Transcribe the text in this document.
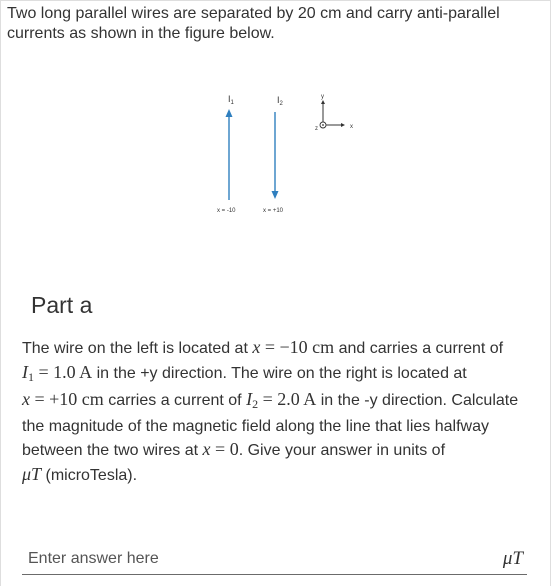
Two long parallel wires are separated by 20 cm and carry anti-parallel
currents as shown in the figure below.
$I_1$	$I_2$
x = -10	x = +10
y
x
z
Part a
The wire on the left is located at x = −10 cm and carries a current of
$I_1 = 1.0$ A in the +y direction. The wire on the right is located at
x = +10 cm carries a current of $I_2 = 2.0$ A in the -y direction. Calculate the magnitude of the magnetic field along the line that lies halfway between the two wires at x = 0. Give your answer in units of
μT (microTesla).
Enter answer here
μT
